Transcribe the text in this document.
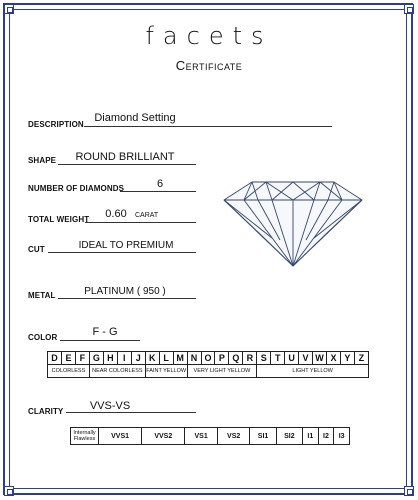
facets
Certificate
DESCRIPTION
Diamond Setting
SHAPE	ROUND BRILLIANT
NUMBER OF DIAMONDS	6
TOTAL WEIGHT	0.60	CARAT
CUT	IDEAL TO PREMIUM
METAL	PLATINUM ( 950 )
COLOR	F - G
D	E	F	G	H	I	J	K	L	M	N	O	P	Q	R	S	T	U	V	W	X	Y	Z
COLORLESS			NEAR COLORLESS				FAINT YELLOW			VERY LIGHT YELLOW					LIGHT YELLOW							
CLARITY	VVS-VS
Internally Flawless	VVS1	VVS2	VS1	VS2	SI1	SI2	I1	I2	I3
